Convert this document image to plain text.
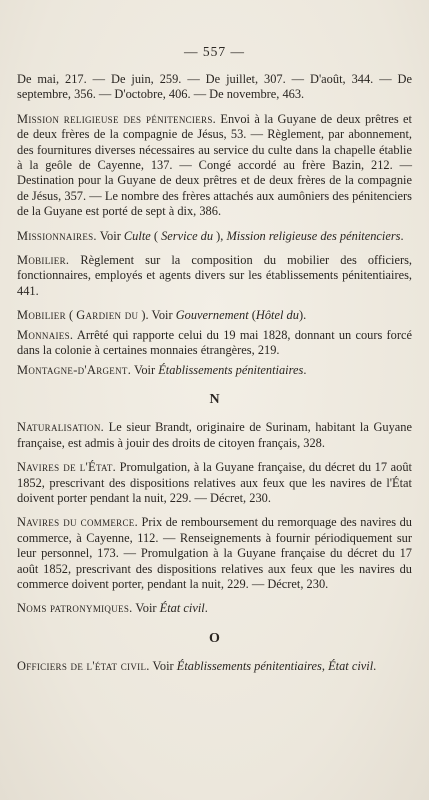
— 557 —
De mai, 217. — De juin, 259. — De juillet, 307. — D'août, 344. — De septembre, 356. — D'octobre, 406. — De novembre, 463.
Mission religieuse des pénitenciers. Envoi à la Guyane de deux prêtres et de deux frères de la compagnie de Jésus, 53. — Règlement, par abonnement, des fournitures diverses nécessaires au service du culte dans la chapelle établie à la geôle de Cayenne, 137. — Congé accordé au frère Bazin, 212. — Destination pour la Guyane de deux prêtres et de deux frères de la compagnie de Jésus, 357. — Le nombre des frères attachés aux aumôniers des pénitenciers de la Guyane est porté de sept à dix, 386.
Missionnaires. Voir Culte ( Service du ), Mission religieuse des pénitenciers.
Mobilier. Règlement sur la composition du mobilier des officiers, fonctionnaires, employés et agents divers sur les établissements pénitentiaires, 441.
Mobilier ( Gardien du ). Voir Gouvernement (Hôtel du).
Monnaies. Arrêté qui rapporte celui du 19 mai 1828, donnant un cours forcé dans la colonie à certaines monnaies étrangères, 219.
Montagne-d'Argent. Voir Établissements pénitentiaires.
N
Naturalisation. Le sieur Brandt, originaire de Surinam, habitant la Guyane française, est admis à jouir des droits de citoyen français, 328.
Navires de l'État. Promulgation, à la Guyane française, du décret du 17 août 1852, prescrivant des dispositions relatives aux feux que les navires de l'État doivent porter pendant la nuit, 229. — Décret, 230.
Navires du commerce. Prix de remboursement du remorquage des navires du commerce, à Cayenne, 112. — Renseignements à fournir périodiquement sur leur personnel, 173. — Promulgation à la Guyane française du décret du 17 août 1852, prescrivant des dispositions relatives aux feux que les navires du commerce doivent porter, pendant la nuit, 229. — Décret, 230.
Noms patronymiques. Voir État civil.
O
Officiers de l'état civil. Voir Établissements pénitentiaires, État civil.
